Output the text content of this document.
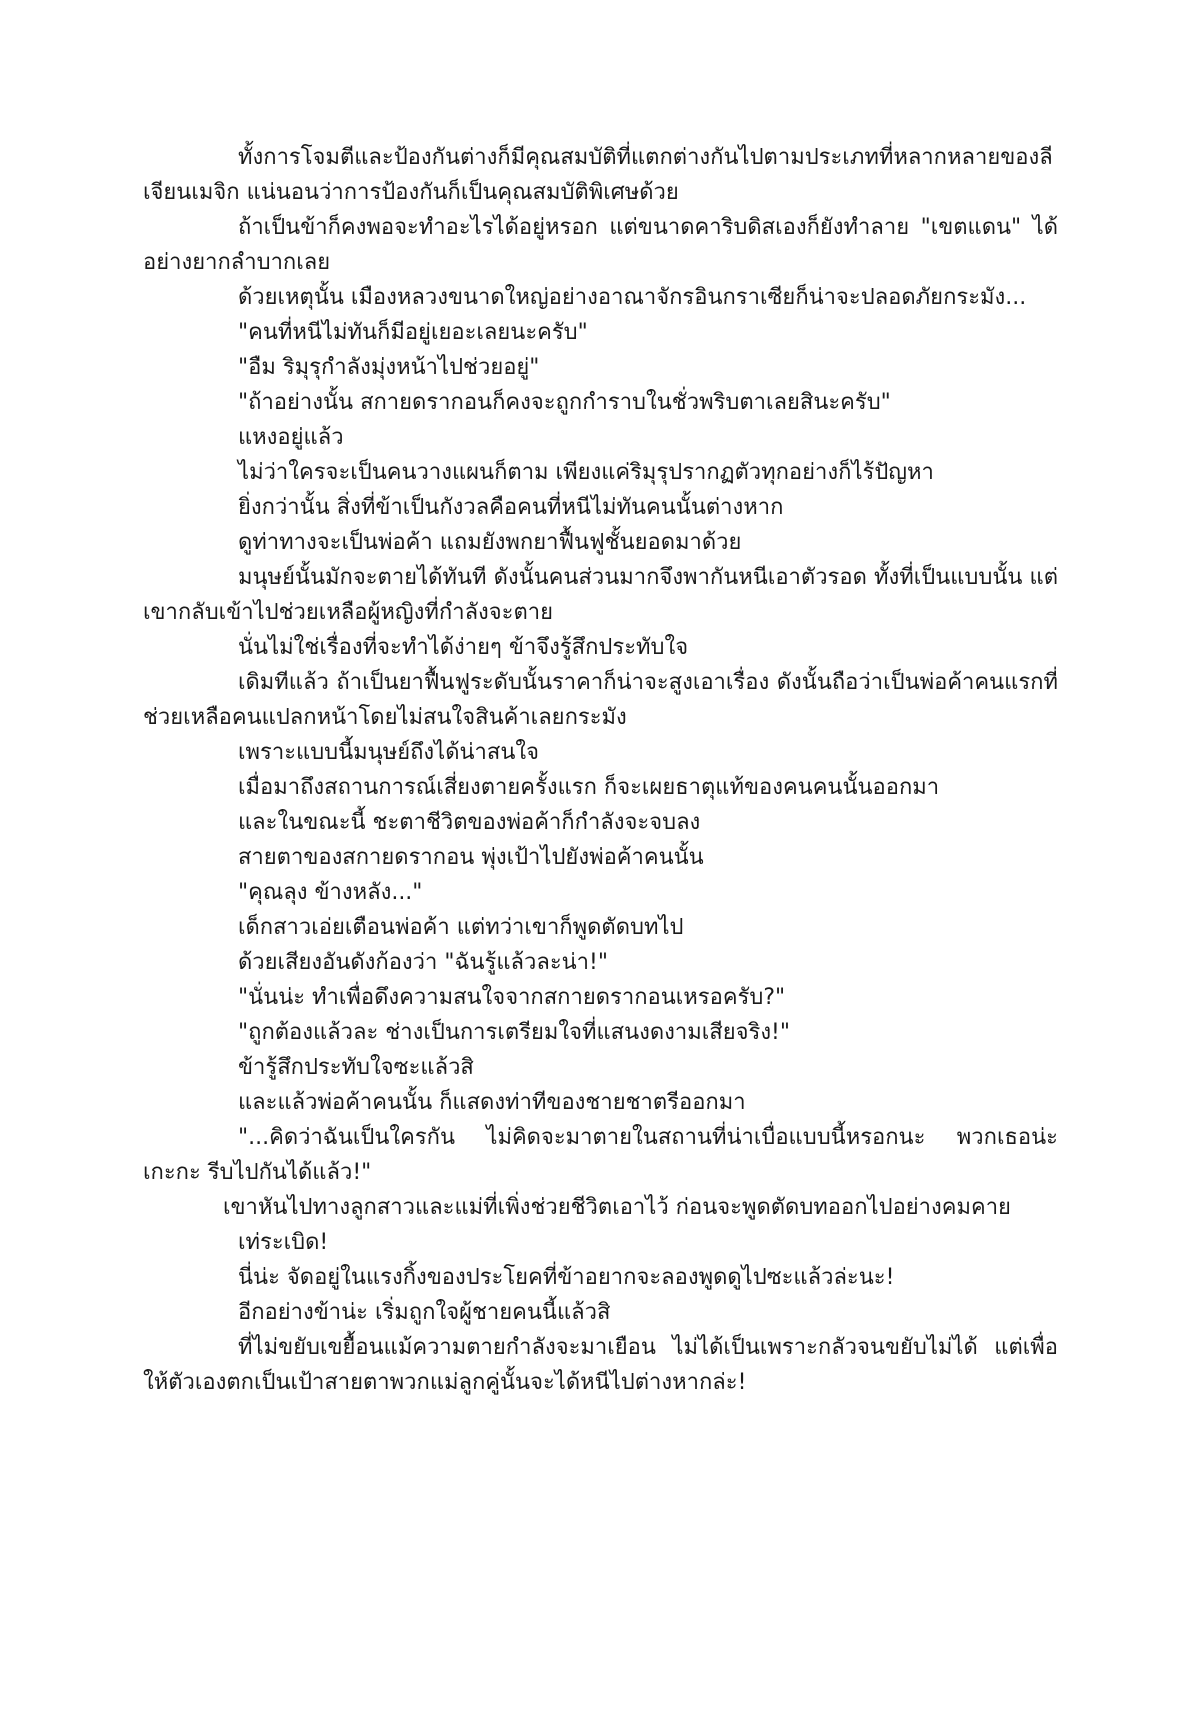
ทั้งการโจมตีและป้องกันต่างก็มีคุณสมบัติที่แตกต่างกันไปตามประเภทที่หลากหลายของลีเจียนเมจิก แน่นอนว่าการป้องกันก็เป็นคุณสมบัติพิเศษด้วย

ถ้าเป็นข้าก็คงพอจะทำอะไรได้อยู่หรอก แต่ขนาดคาริบดิสเองก็ยังทำลาย "เขตแดน" ได้อย่างยากลำบากเลย

ด้วยเหตุนั้น เมืองหลวงขนาดใหญ่อย่างอาณาจักรอินกราเซียก็น่าจะปลอดภัยกระมัง...

"คนที่หนีไม่ทันก็มีอยู่เยอะเลยนะครับ"

"อืม ริมุรุกำลังมุ่งหน้าไปช่วยอยู่"

"ถ้าอย่างนั้น สกายดรากอนก็คงจะถูกกำราบในชั่วพริบตาเลยสินะครับ"

แหงอยู่แล้ว

ไม่ว่าใครจะเป็นคนวางแผนก็ตาม เพียงแค่ริมุรุปรากฏตัวทุกอย่างก็ไร้ปัญหา

ยิ่งกว่านั้น สิ่งที่ข้าเป็นกังวลคือคนที่หนีไม่ทันคนนั้นต่างหาก

ดูท่าทางจะเป็นพ่อค้า แถมยังพกยาฟื้นฟูชั้นยอดมาด้วย

มนุษย์นั้นมักจะตายได้ทันที ดังนั้นคนส่วนมากจึงพากันหนีเอาตัวรอด ทั้งที่เป็นแบบนั้น แต่เขากลับเข้าไปช่วยเหลือผู้หญิงที่กำลังจะตาย

นั่นไม่ใช่เรื่องที่จะทำได้ง่ายๆ ข้าจึงรู้สึกประทับใจ

เดิมทีแล้ว ถ้าเป็นยาฟื้นฟูระดับนั้นราคาก็น่าจะสูงเอาเรื่อง ดังนั้นถือว่าเป็นพ่อค้าคนแรกที่ช่วยเหลือคนแปลกหน้าโดยไม่สนใจสินค้าเลยกระมัง

เพราะแบบนี้มนุษย์ถึงได้น่าสนใจ

เมื่อมาถึงสถานการณ์เสี่ยงตายครั้งแรก ก็จะเผยธาตุแท้ของคนคนนั้นออกมา

และในขณะนี้ ชะตาชีวิตของพ่อค้าก็กำลังจะจบลง

สายตาของสกายดรากอน พุ่งเป้าไปยังพ่อค้าคนนั้น

"คุณลุง ข้างหลัง..."

เด็กสาวเอ่ยเตือนพ่อค้า แต่ทว่าเขาก็พูดตัดบทไป

ด้วยเสียงอันดังก้องว่า "ฉันรู้แล้วละน่า!"

"นั่นน่ะ ทำเพื่อดึงความสนใจจากสกายดรากอนเหรอครับ?"

"ถูกต้องแล้วละ ช่างเป็นการเตรียมใจที่แสนงดงามเสียจริง!"

ข้ารู้สึกประทับใจซะแล้วสิ

และแล้วพ่อค้าคนนั้น ก็แสดงท่าทีของชายชาตรีออกมา

"...คิดว่าฉันเป็นใครกัน ไม่คิดจะมาตายในสถานที่น่าเบื่อแบบนี้หรอกนะ พวกเธอน่ะ เกะกะ รีบไปกันได้แล้ว!"

เขาหันไปทางลูกสาวและแม่ที่เพิ่งช่วยชีวิตเอาไว้ ก่อนจะพูดตัดบทออกไปอย่างคมคาย

เท่ระเบิด!

นี่น่ะ จัดอยู่ในแรงกิ้งของประโยคที่ข้าอยากจะลองพูดดูไปซะแล้วล่ะนะ!

อีกอย่างข้าน่ะ เริ่มถูกใจผู้ชายคนนี้แล้วสิ

ที่ไม่ขยับเขยื้อนแม้ความตายกำลังจะมาเยือน ไม่ได้เป็นเพราะกลัวจนขยับไม่ได้ แต่เพื่อให้ตัวเองตกเป็นเป้าสายตาพวกแม่ลูกคู่นั้นจะได้หนีไปต่างหากล่ะ!
